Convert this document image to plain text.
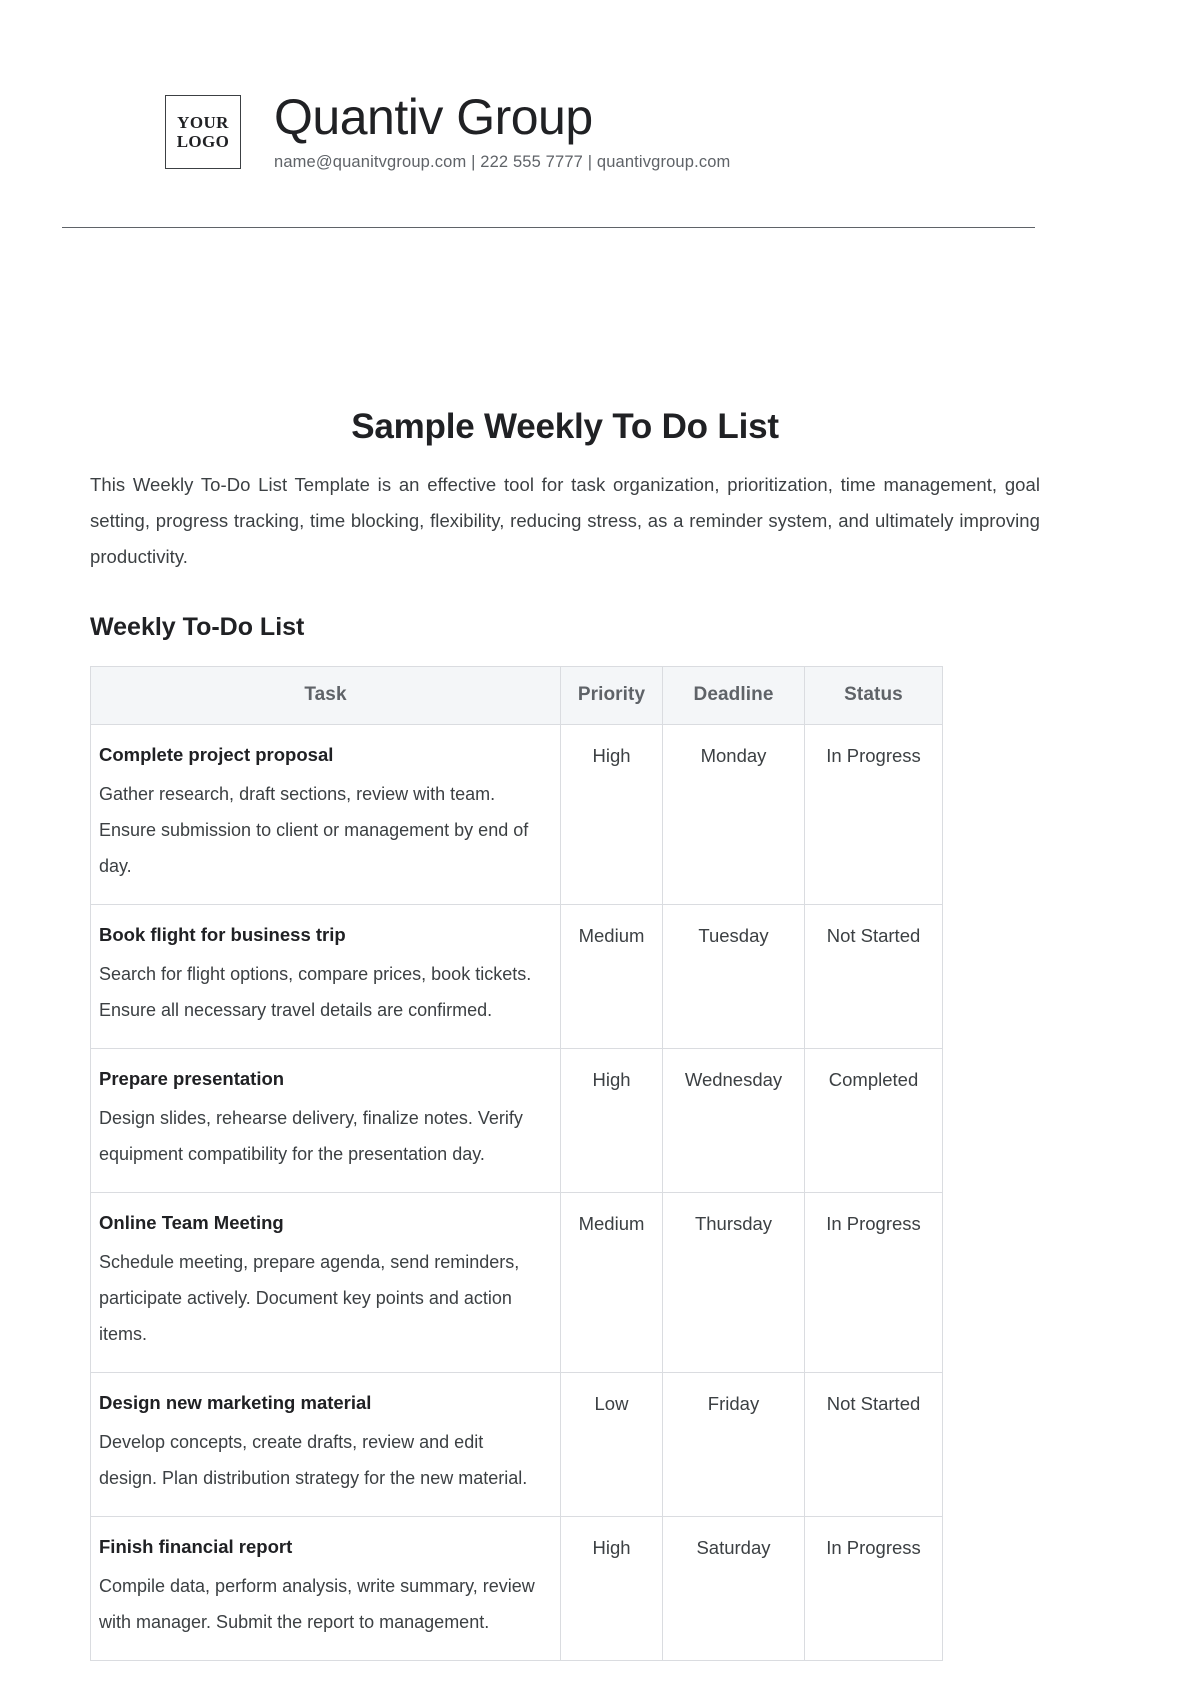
YOUR
LOGO Quantiv Group
name@quanitvgroup.com | 222 555 7777 | quantivgroup.com
Sample Weekly To Do List
This Weekly To-Do List Template is an effective tool for task organization, prioritization, time management, goal setting, progress tracking, time blocking, flexibility, reducing stress, as a reminder system, and ultimately improving productivity.
Weekly To-Do List
Task	Priority	Deadline	Status

Complete project proposal
Gather research, draft sections, review with team. Ensure submission to client or management by end of day.	High	Monday	In Progress

Book flight for business trip
Search for flight options, compare prices, book tickets. Ensure all necessary travel details are confirmed.	Medium	Tuesday	Not Started

Prepare presentation
Design slides, rehearse delivery, finalize notes. Verify equipment compatibility for the presentation day.	High	Wednesday	Completed

Online Team Meeting
Schedule meeting, prepare agenda, send reminders, participate actively. Document key points and action items.	Medium	Thursday	In Progress

Design new marketing material
Develop concepts, create drafts, review and edit design. Plan distribution strategy for the new material.	Low	Friday	Not Started

Finish financial report
Compile data, perform analysis, write summary, review with manager. Submit the report to management.	High	Saturday	In Progress
